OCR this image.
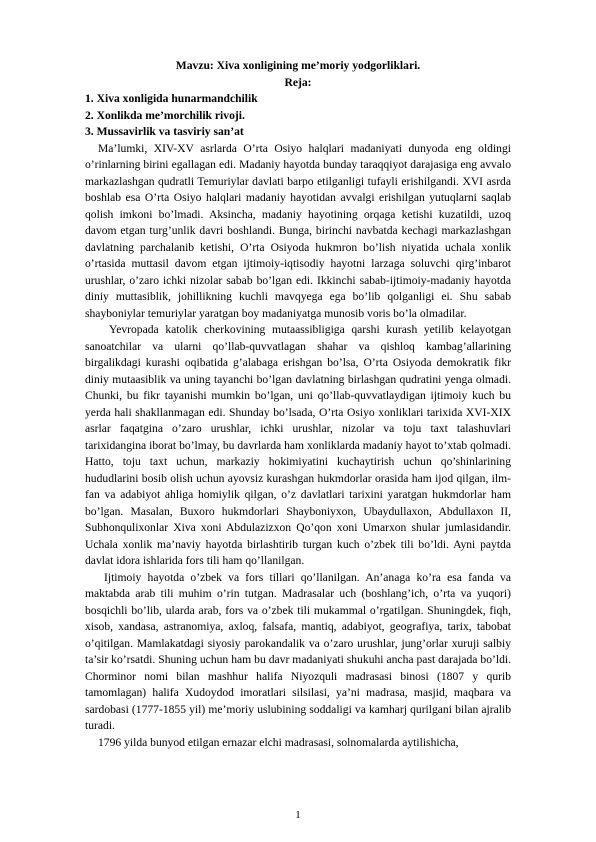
Mavzu: Xiva xonligining me’moriy yodgorliklari.

Reja:

1. Xiva xonligida hunarmandchilik
2. Xonlikda me’morchilik rivoji.
3. Mussavirlik va tasviriy san’at

Ma’lumki, XIV-XV asrlarda O’rta Osiyo halqlari madaniyati dunyoda eng oldingi o’rinlarning birini egallagan edi. Madaniy hayotda bunday taraqqiyot darajasiga eng avvalo markazlashgan qudratli Temuriylar davlati barpo etilganligi tufayli erishilgandi. XVI asrda boshlab esa O’rta Osiyo halqlari madaniy hayotidan avvalgi erishilgan yutuqlarni saqlab qolish imkoni bo’lmadi. Aksincha, madaniy hayotining orqaga ketishi kuzatildi, uzoq davom etgan turg’unlik davri boshlandi. Bunga, birinchi navbatda kechagi markazlashgan davlatning parchalanib ketishi, O’rta Osiyoda hukmron bo’lish niyatida uchala xonlik o’rtasida muttasil davom etgan ijtimoiy-iqtisodiy hayotni larzaga soluvchi qirg’inbarot urushlar, o’zaro ichki nizolar sabab bo’lgan edi. Ikkinchi sabab-ijtimoiy-madaniy hayotda diniy muttasiblik, johillikning kuchli mavqyega ega bo’lib qolganligi ei. Shu sabab shayboniylar temuriylar yaratgan boy madaniyatga munosib voris bo’la olmadilar.

Yevropada katolik cherkovining mutaassibligiga qarshi kurash yetilib kelayotgan sanoatchilar va ularni qo’llab-quvvatlagan shahar va qishloq kambag’allarining birgalikdagi kurashi oqibatida g’alabaga erishgan bo’lsa, O’rta Osiyoda demokratik fikr diniy mutaasiblik va uning tayanchi bo’lgan davlatning birlashgan qudratini yenga olmadi. Chunki, bu fikr tayanishi mumkin bo’lgan, uni qo’llab-quvvatlaydigan ijtimoiy kuch bu yerda hali shakllanmagan edi. Shunday bo’lsada, O’rta Osiyo xonliklari tarixida XVI-XIX asrlar faqatgina o’zaro urushlar, ichki urushlar, nizolar va toju taxt talashuvlari tarixidangina iborat bo’lmay, bu davrlarda ham xonliklarda madaniy hayot to’xtab qolmadi. Hatto, toju taxt uchun, markaziy hokimiyatini kuchaytirish uchun qo’shinlarining hududlarini bosib olish uchun ayovsiz kurashgan hukmdorlar orasida ham ijod qilgan, ilm-fan va adabiyot ahliga homiylik qilgan, o’z davlatlari tarixini yaratgan hukmdorlar ham bo’lgan. Masalan, Buxoro hukmdorlari Shayboniyxon, Ubaydullaxon, Abdullaxon II, Subhonqulixonlar Xiva xoni Abdulazizxon Qo’qon xoni Umarxon shular jumlasidandir. Uchala xonlik ma’naviy hayotda birlashtirib turgan kuch o’zbek tili bo’ldi. Ayni paytda davlat idora ishlarida fors tili ham qo’llanilgan.

Ijtimoiy hayotda o’zbek va fors tillari qo’llanilgan. An’anaga ko’ra esa fanda va maktabda arab tili muhim o’rin tutgan. Madrasalar uch (boshlang’ich, o’rta va yuqori) bosqichli bo’lib, ularda arab, fors va o’zbek tili mukammal o’rgatilgan. Shuningdek, fiqh, xisob, xandasa, astranomiya, axloq, falsafa, mantiq, adabiyot, geografiya, tarix, tabobat o’qitilgan. Mamlakatdagi siyosiy parokandalik va o’zaro urushlar, jung’orlar xuruji salbiy ta’sir ko’rsatdi. Shuning uchun ham bu davr madaniyati shukuhi ancha past darajada bo’ldi. Chorminor nomi bilan mashhur halifa Niyozquli madrasasi binosi (1807 y qurib tamomlagan) halifa Xudoydod imoratlari silsilasi, ya’ni madrasa, masjid, maqbara va sardobasi (1777-1855 yil) me’moriy uslubining soddaligi va kamharj qurilgani bilan ajralib turadi.

1796 yilda bunyod etilgan ernazar elchi madrasasi, solnomalarda aytilishicha,

1
